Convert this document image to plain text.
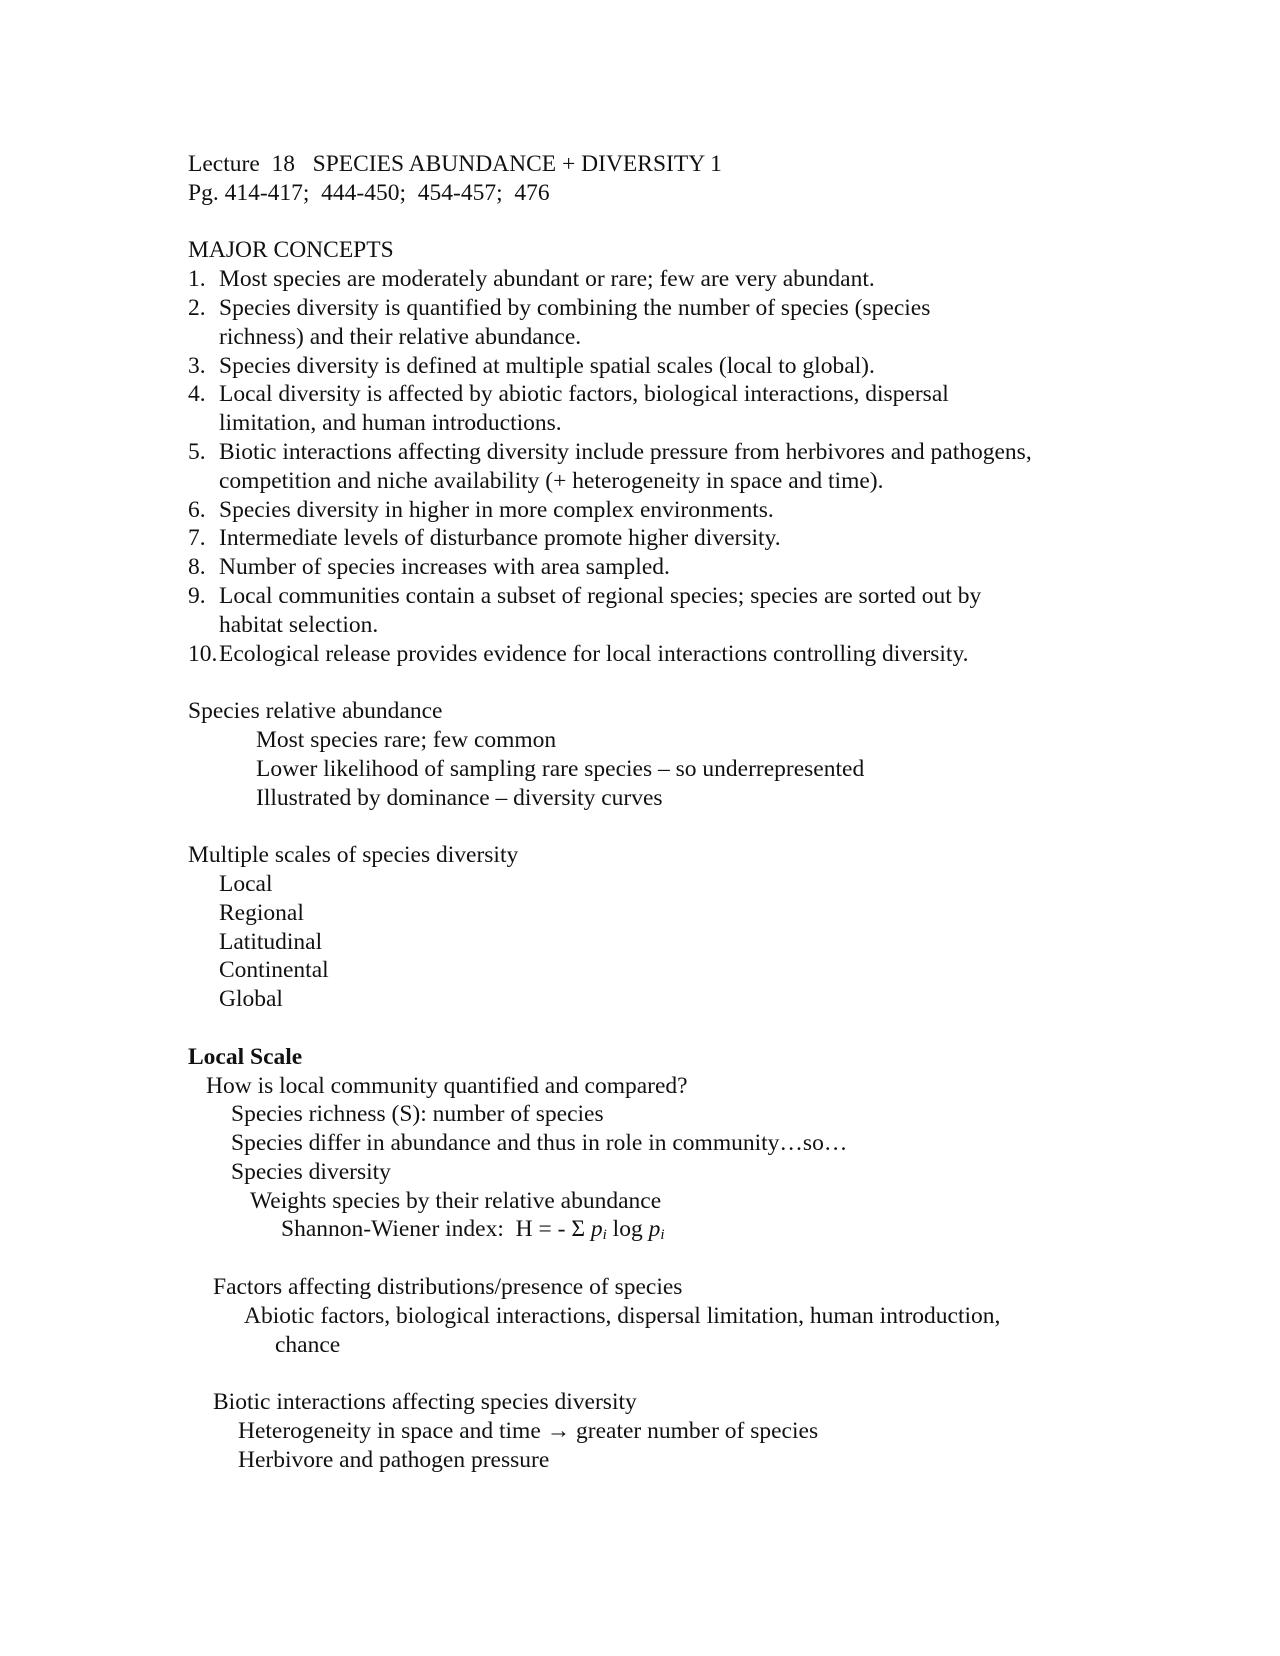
Lecture  18   SPECIES ABUNDANCE + DIVERSITY 1
Pg. 414-417;  444-450;  454-457;  476
MAJOR CONCEPTS
1. Most species are moderately abundant or rare; few are very abundant.
2. Species diversity is quantified by combining the number of species (species
richness) and their relative abundance.
3. Species diversity is defined at multiple spatial scales (local to global).
4. Local diversity is affected by abiotic factors, biological interactions, dispersal
limitation, and human introductions.
5. Biotic interactions affecting diversity include pressure from herbivores and pathogens,
competition and niche availability (+ heterogeneity in space and time).
6. Species diversity in higher in more complex environments.
7. Intermediate levels of disturbance promote higher diversity.
8. Number of species increases with area sampled.
9. Local communities contain a subset of regional species; species are sorted out by
habitat selection.
10. Ecological release provides evidence for local interactions controlling diversity.
Species relative abundance
Most species rare; few common
Lower likelihood of sampling rare species – so underrepresented
Illustrated by dominance – diversity curves
Multiple scales of species diversity
Local
Regional
Latitudinal
Continental
Global
Local Scale
How is local community quantified and compared?
Species richness (S): number of species
Species differ in abundance and thus in role in community…so…
Species diversity
Weights species by their relative abundance
Shannon-Wiener index:  H = - Σ $p_i$ $\log p_i$
Factors affecting distributions/presence of species
Abiotic factors, biological interactions, dispersal limitation, human introduction,
chance
Biotic interactions affecting species diversity
Heterogeneity in space and time → greater number of species
Herbivore and pathogen pressure
